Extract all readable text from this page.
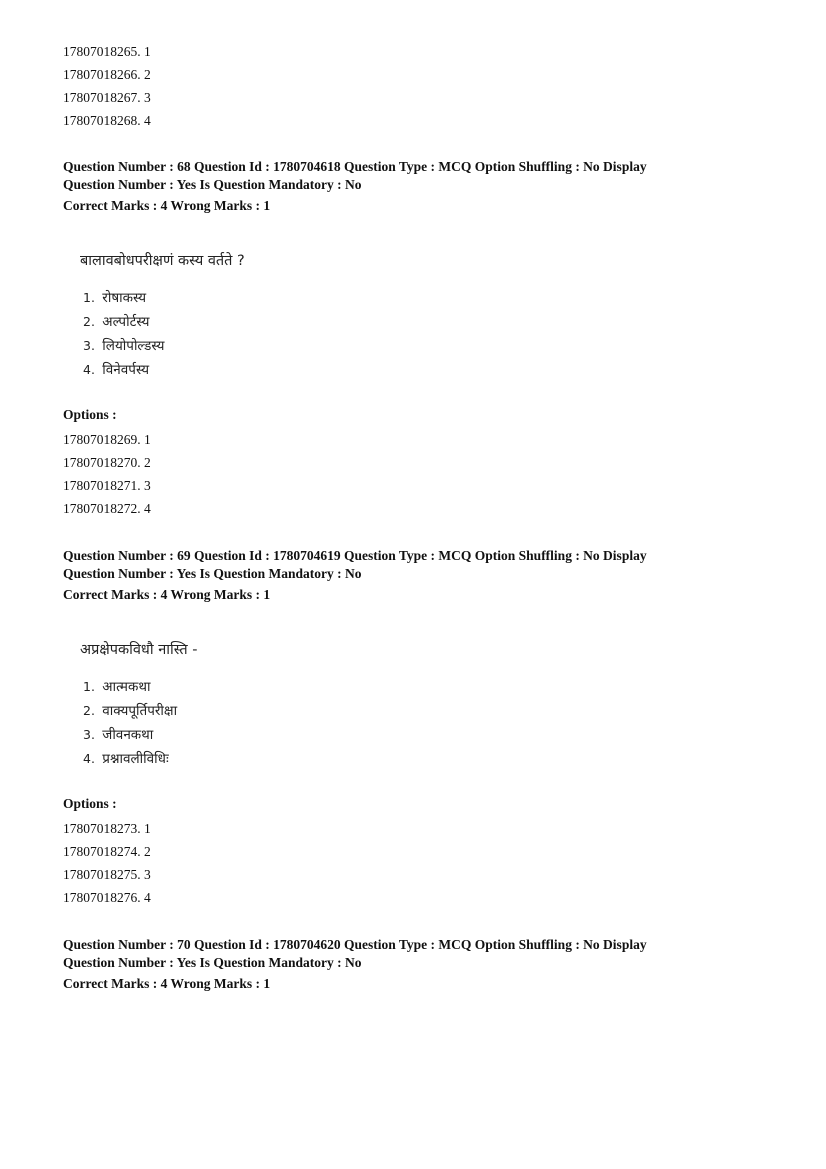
17807018265. 1
17807018266. 2
17807018267. 3
17807018268. 4
Question Number : 68 Question Id : 1780704618 Question Type : MCQ Option Shuffling : No Display
Question Number : Yes Is Question Mandatory : No
Correct Marks : 4 Wrong Marks : 1
बालावबोधपरीक्षणं कस्य वर्तते ?
1. रोषाकस्य
2. अल्पोर्टस्य
3. लियोपोल्डस्य
4. विनेवर्पस्य
Options :
17807018269. 1
17807018270. 2
17807018271. 3
17807018272. 4
Question Number : 69 Question Id : 1780704619 Question Type : MCQ Option Shuffling : No Display
Question Number : Yes Is Question Mandatory : No
Correct Marks : 4 Wrong Marks : 1
अप्रक्षेपकविधौ नास्ति -
1. आत्मकथा
2. वाक्यपूर्तिपरीक्षा
3. जीवनकथा
4. प्रश्नावलीविधिः
Options :
17807018273. 1
17807018274. 2
17807018275. 3
17807018276. 4
Question Number : 70 Question Id : 1780704620 Question Type : MCQ Option Shuffling : No Display
Question Number : Yes Is Question Mandatory : No
Correct Marks : 4 Wrong Marks : 1
